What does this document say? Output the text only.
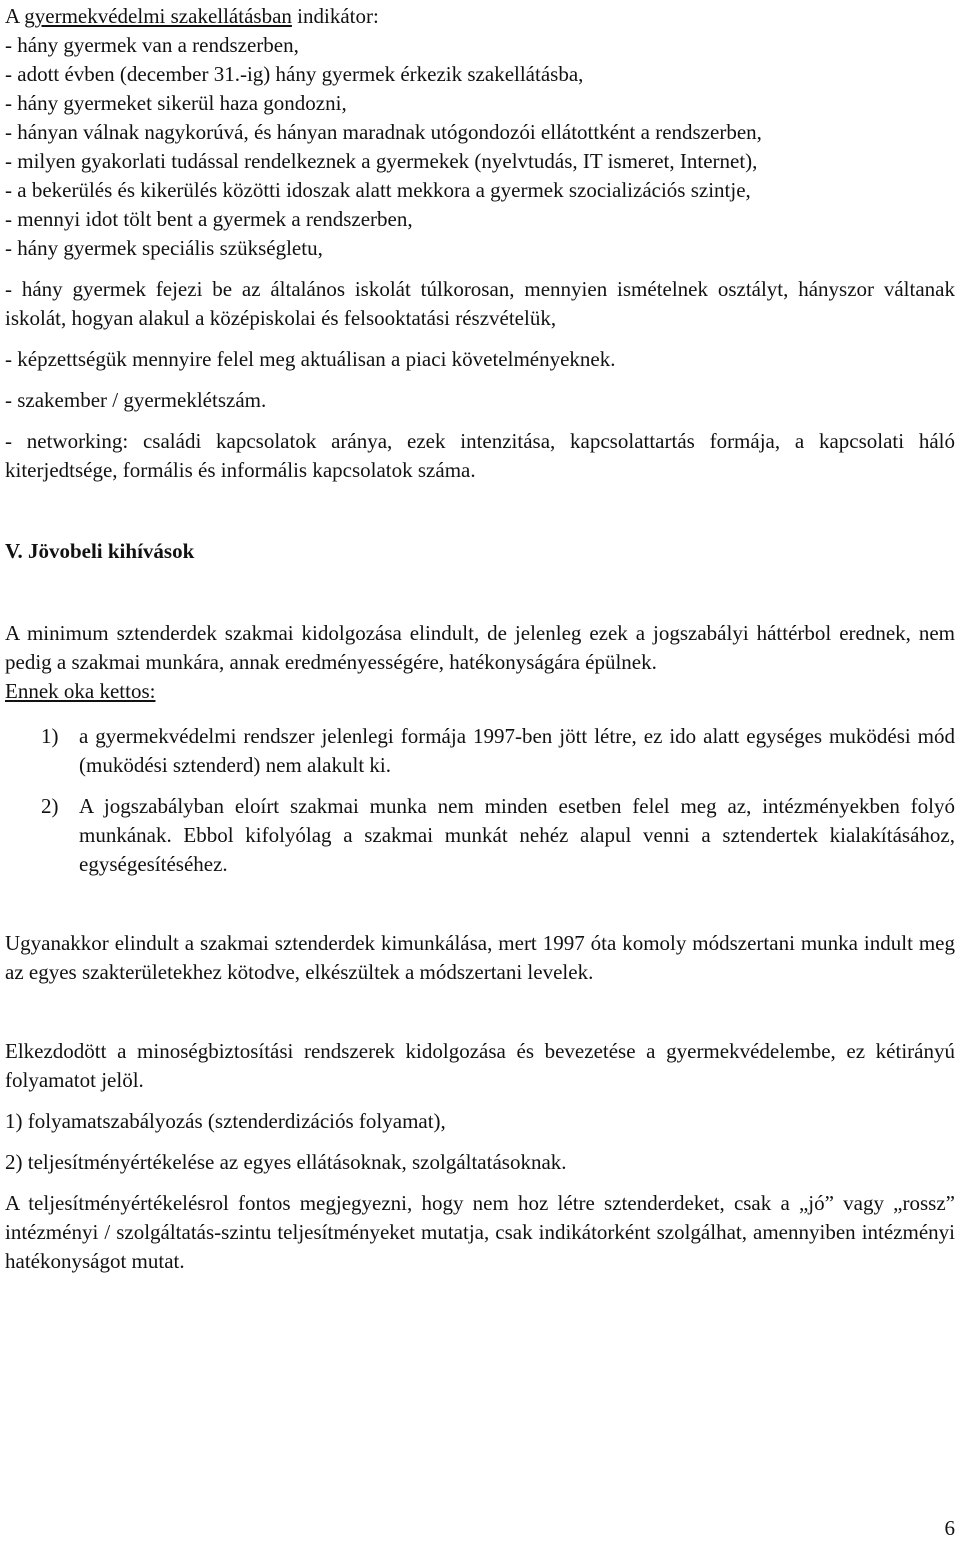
A gyermekvédelmi szakellátásban indikátor:
- hány gyermek van a rendszerben,
- adott évben (december 31.-ig) hány gyermek érkezik szakellátásba,
- hány gyermeket sikerül haza gondozni,
- hányan válnak nagykorúvá, és hányan maradnak utógondozói ellátottként a rendszerben,
- milyen gyakorlati tudással rendelkeznek a gyermekek (nyelvtudás, IT ismeret, Internet),
- a bekerülés és kikerülés közötti idoszak alatt mekkora a gyermek szocializációs szintje,
- mennyi idot tölt bent a gyermek a rendszerben,
- hány gyermek speciális szükségletu,
- hány gyermek fejezi be az általános iskolát túlkorosan, mennyien ismételnek osztályt, hányszor váltanak iskolát, hogyan alakul a középiskolai és felsooktatási részvételük,
- képzettségük mennyire felel meg aktuálisan a piaci követelményeknek.
- szakember / gyermeklétszám.
- networking: családi kapcsolatok aránya, ezek intenzitása, kapcsolattartás formája, a kapcsolati háló kiterjedtsége, formális és informális kapcsolatok száma.
V. Jövobeli kihívások
A minimum sztenderdek szakmai kidolgozása elindult, de jelenleg ezek a jogszabályi háttérbol erednek, nem pedig a szakmai munkára, annak eredményességére, hatékonyságára épülnek.
Ennek oka kettos:
1) a gyermekvédelmi rendszer jelenlegi formája 1997-ben jött létre, ez ido alatt egységes muködési mód (muködési sztenderd) nem alakult ki.
2) A jogszabályban eloírt szakmai munka nem minden esetben felel meg az, intézményekben folyó munkának. Ebbol kifolyólag a szakmai munkát nehéz alapul venni a sztendertek kialakításához, egységesítéséhez.
Ugyanakkor elindult a szakmai sztenderdek kimunkálása, mert 1997 óta komoly módszertani munka indult meg az egyes szakterületekhez kötodve, elkészültek a módszertani levelek.
Elkezdodött a minoségbiztosítási rendszerek kidolgozása és bevezetése a gyermekvédelembe, ez kétirányú folyamatot jelöl.
1) folyamatszabályozás (sztenderdizációs folyamat),
2) teljesítményértékelése az egyes ellátásoknak, szolgáltatásoknak.
A teljesítményértékelésrol fontos megjegyezni, hogy nem hoz létre sztenderdeket, csak a „jó” vagy „rossz” intézményi / szolgáltatás-szintu teljesítményeket mutatja, csak indikátorként szolgálhat, amennyiben intézményi hatékonyságot mutat.
6
